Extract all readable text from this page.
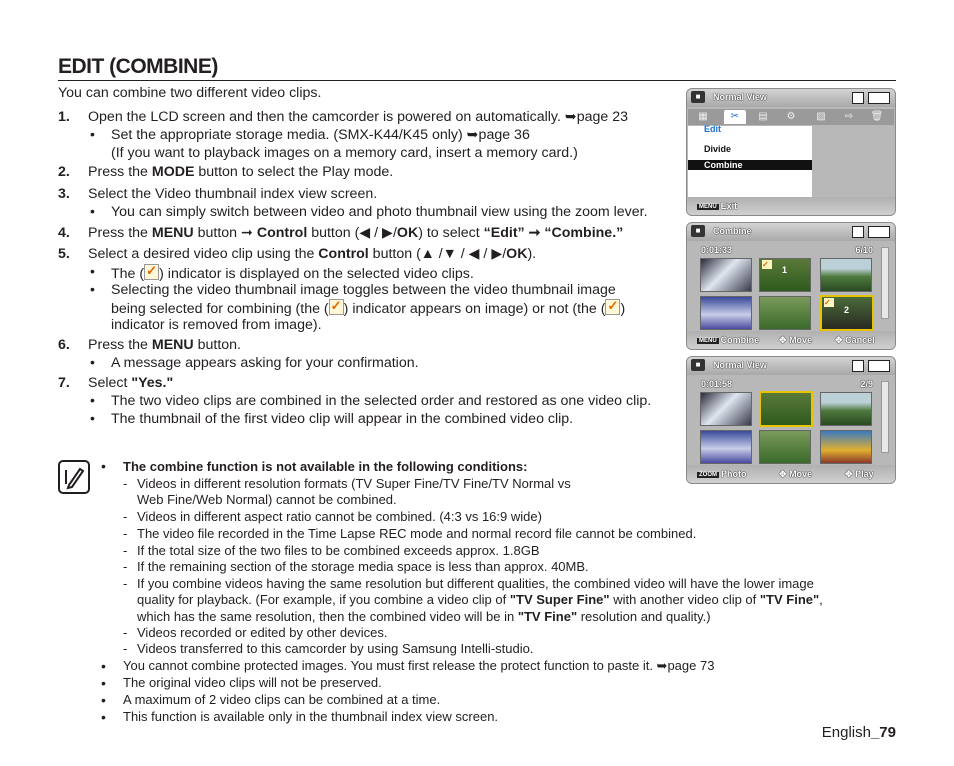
EDIT (COMBINE)
You can combine two different video clips.
1. Open the LCD screen and then the camcorder is powered on automatically. ➥page 23
• Set the appropriate storage media. (SMX-K44/K45 only) ➥page 36
(If you want to playback images on a memory card, insert a memory card.)
2. Press the MODE button to select the Play mode.
3. Select the Video thumbnail index view screen.
• You can simply switch between video and photo thumbnail view using the zoom lever.
4. Press the MENU button ➞ Control button (◀ / ▶/OK) to select “Edit” ➞ “Combine.”
5. Select a desired video clip using the Control button (▲ /▼ / ◀ / ▶/OK).
• The ( ✓ ) indicator is displayed on the selected video clips.
• Selecting the video thumbnail image toggles between the video thumbnail image
being selected for combining (the ( ✓ ) indicator appears on image) or not (the ( ✓ )
indicator is removed from image).
6. Press the MENU button.
• A message appears asking for your confirmation.
7. Select "Yes."
• The two video clips are combined in the selected order and restored as one video clip.
• The thumbnail of the first video clip will appear in the combined video clip.
• The combine function is not available in the following conditions:
- Videos in different resolution formats (TV Super Fine/TV Fine/TV Normal vs
Web Fine/Web Normal) cannot be combined.
- Videos in different aspect ratio cannot be combined. (4:3 vs 16:9 wide)
- The video file recorded in the Time Lapse REC mode and normal record file cannot be combined.
- If the total size of the two files to be combined exceeds approx. 1.8GB
- If the remaining section of the storage media space is less than approx. 40MB.
- If you combine videos having the same resolution but different qualities, the combined video will have the lower image
quality for playback. (For example, if you combine a video clip of "TV Super Fine" with another video clip of "TV Fine",
which has the same resolution, then the combined video will be in "TV Fine" resolution and quality.)
- Videos recorded or edited by other devices.
- Videos transferred to this camcorder by using Samsung Intelli-studio.
• You cannot combine protected images. You must first release the protect function to paste it. ➥page 73
• The original video clips will not be preserved.
• A maximum of 2 video clips can be combined at a time.
• This function is available only in the thumbnail index view screen.
English_79
■	Normal View
▦	✂	▤	⚙	▧	⇨	🗑
Edit
Divide
Combine
MENU Exit
■	Combine
0:01:33	6/10
✓
1
✓
2
MENU Combine ✥ Move	✥ Cancel
■	Normal View
0:01:58	2/9
ZOOM Photo	✥ Move	✥ Play
